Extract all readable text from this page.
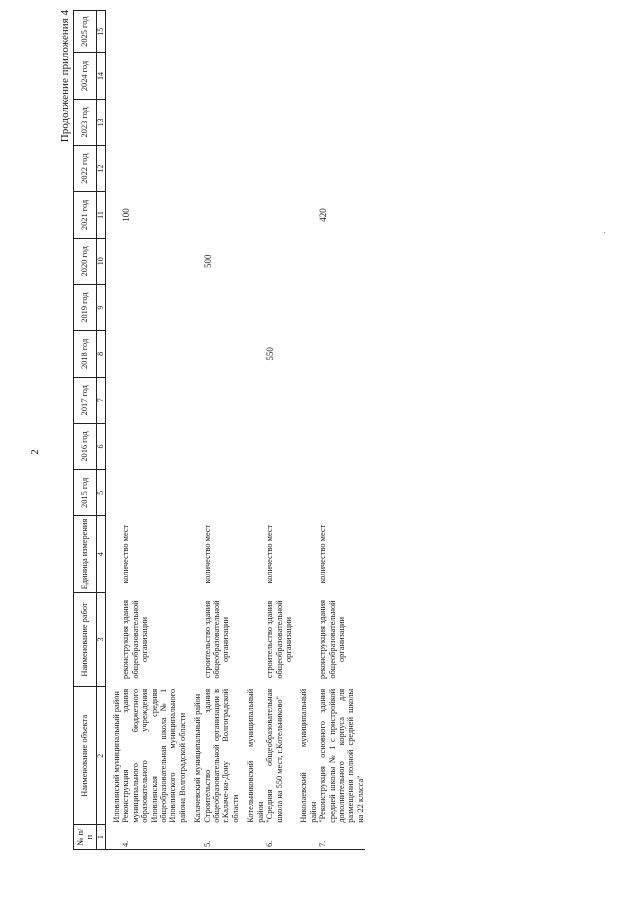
2
Продолжение приложения 4
№ п/п	Наименование объекта	Наименование работ	Единица измерения	2015 год	2016 год	2017 год	2018 год	2019 год	2020 год	2021 год	2022 год	2023 год	2024 год	2025 год
1	2	3	4	5	6	7	8	9	10	11	12	13	14	15
	Иловлинский муниципальный район													
4.	Реконструкция здания муниципального бюджетного образовательного учреждения Иловлинская средняя общеобразовательная школа № 1 Иловлинского муниципального района Волгоградской области	реконструкция здания общеобразовательной организации	количество мест							100				
	Калачевский муниципальный район													
5.	Строительство здания общеобразовательной организации в г.Калаче-на-Дону Волгоградской области	строительство здания общеобразовательной организации	количество мест						500					
	Котельниковский муниципальный район													
6.	"Средняя общеобразовательная школа на 550 мест, г.Котельниково"	строительство здания общеобразовательной организации	количество мест				550							
	Николаевский муниципальный район													
7.	"Реконструкция основного здания средней школы № 1 с пристройкой дополнительного корпуса для размещения полной средней школы на 22 класса"	реконструкция здания общеобразовательной организации	количество мест							420				
